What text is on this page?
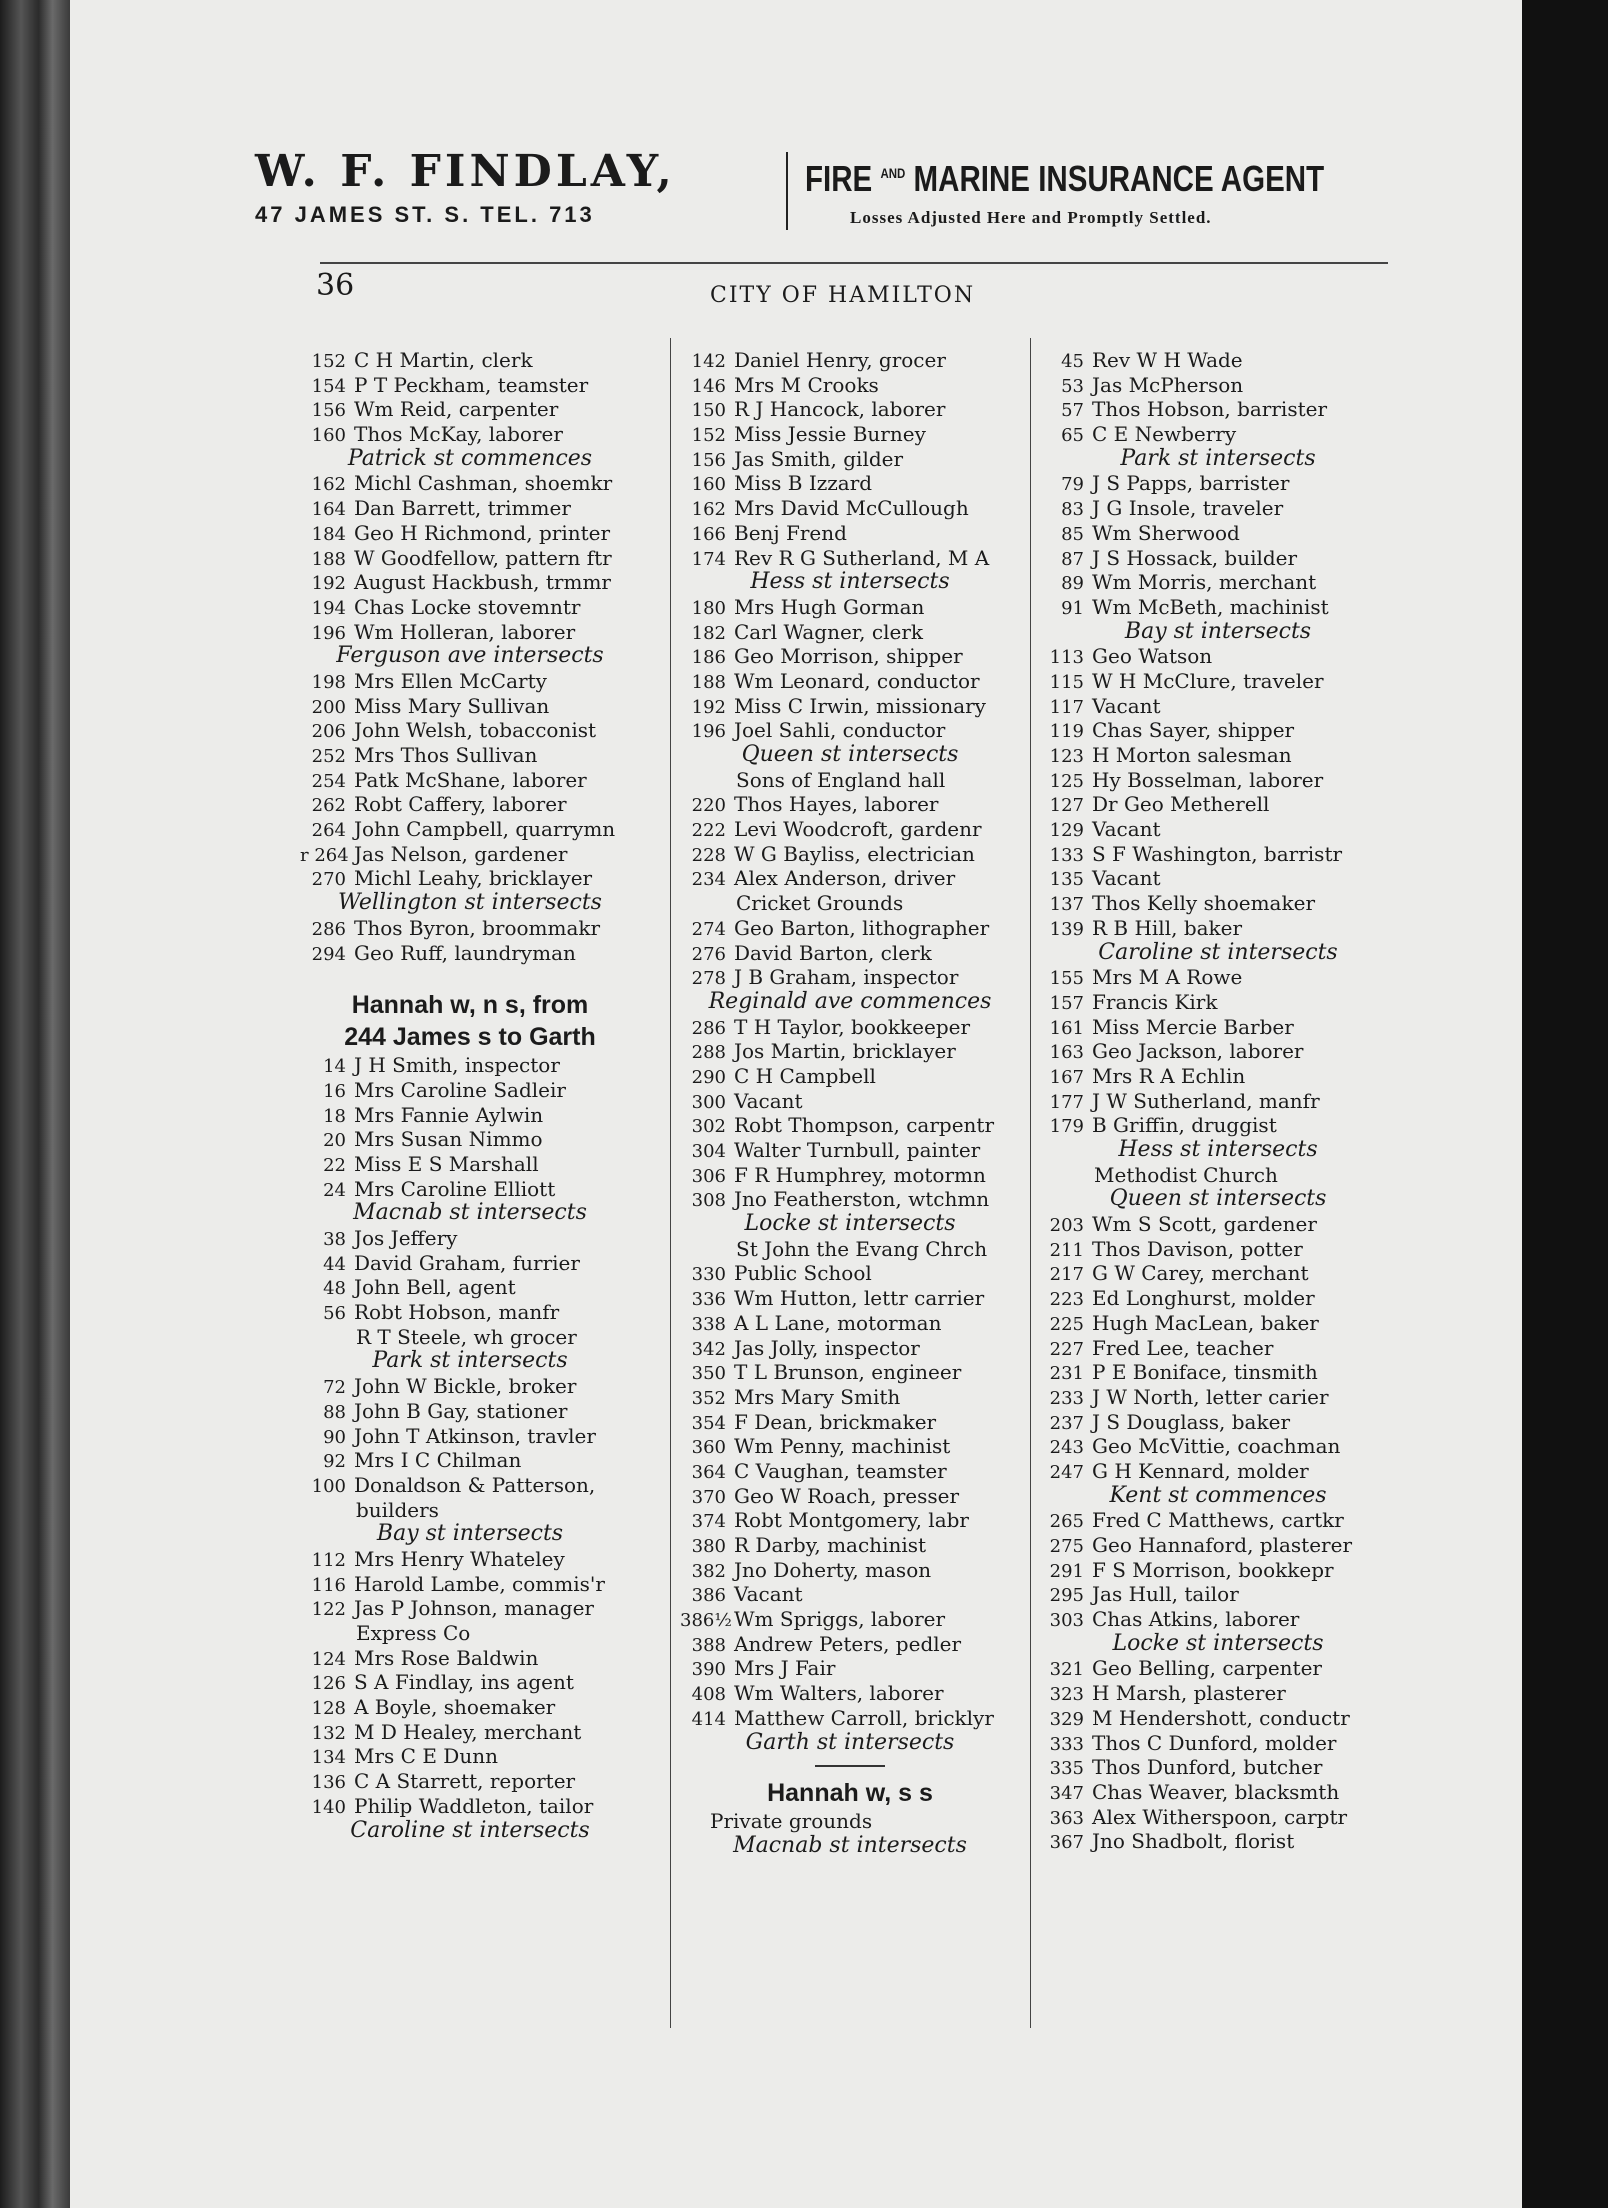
W. F. FINDLAY,
47 JAMES ST. S. TEL. 713
FIRE $^{AND}$ MARINE INSURANCE AGENT
Losses Adjusted Here and Promptly Settled.
36	CITY OF HAMILTON
152 C H Martin, clerk
154 P T Peckham, teamster
156 Wm Reid, carpenter
160 Thos McKay, laborer
Patrick st commences
162 Michl Cashman, shoemkr
164 Dan Barrett, trimmer
184 Geo H Richmond, printer
188 W Goodfellow, pattern ftr
192 August Hackbush, trmmr
194 Chas Locke stovemntr
196 Wm Holleran, laborer
Ferguson ave intersects
198 Mrs Ellen McCarty
200 Miss Mary Sullivan
206 John Welsh, tobacconist
252 Mrs Thos Sullivan
254 Patk McShane, laborer
262 Robt Caffery, laborer
264 John Campbell, quarrymn
r 264 Jas Nelson, gardener
270 Michl Leahy, bricklayer
Wellington st intersects
286 Thos Byron, broommakr
294 Geo Ruff, laundryman
Hannah w, n s, from
244 James s to Garth
14 J H Smith, inspector
16 Mrs Caroline Sadleir
18 Mrs Fannie Aylwin
20 Mrs Susan Nimmo
22 Miss E S Marshall
24 Mrs Caroline Elliott
Macnab st intersects
38 Jos Jeffery
44 David Graham, furrier
48 John Bell, agent
56 Robt Hobson, manfr
R T Steele, wh grocer
Park st intersects
72 John W Bickle, broker
88 John B Gay, stationer
90 John T Atkinson, travler
92 Mrs I C Chilman
100 Donaldson & Patterson,
builders
Bay st intersects
112 Mrs Henry Whateley
116 Harold Lambe, commis'r
122 Jas P Johnson, manager
Express Co
124 Mrs Rose Baldwin
126 S A Findlay, ins agent
128 A Boyle, shoemaker
132 M D Healey, merchant
134 Mrs C E Dunn
136 C A Starrett, reporter
140 Philip Waddleton, tailor
Caroline st intersects
142 Daniel Henry, grocer
146 Mrs M Crooks
150 R J Hancock, laborer
152 Miss Jessie Burney
156 Jas Smith, gilder
160 Miss B Izzard
162 Mrs David McCullough
166 Benj Frend
174 Rev R G Sutherland, M A
Hess st intersects
180 Mrs Hugh Gorman
182 Carl Wagner, clerk
186 Geo Morrison, shipper
188 Wm Leonard, conductor
192 Miss C Irwin, missionary
196 Joel Sahli, conductor
Queen st intersects
Sons of England hall
220 Thos Hayes, laborer
222 Levi Woodcroft, gardenr
228 W G Bayliss, electrician
234 Alex Anderson, driver
Cricket Grounds
274 Geo Barton, lithographer
276 David Barton, clerk
278 J B Graham, inspector
Reginald ave commences
286 T H Taylor, bookkeeper
288 Jos Martin, bricklayer
290 C H Campbell
300 Vacant
302 Robt Thompson, carpentr
304 Walter Turnbull, painter
306 F R Humphrey, motormn
308 Jno Featherston, wtchmn
Locke st intersects
St John the Evang Chrch
330 Public School
336 Wm Hutton, lettr carrier
338 A L Lane, motorman
342 Jas Jolly, inspector
350 T L Brunson, engineer
352 Mrs Mary Smith
354 F Dean, brickmaker
360 Wm Penny, machinist
364 C Vaughan, teamster
370 Geo W Roach, presser
374 Robt Montgomery, labr
380 R Darby, machinist
382 Jno Doherty, mason
386 Vacant
386½ Wm Spriggs, laborer
388 Andrew Peters, pedler
390 Mrs J Fair
408 Wm Walters, laborer
414 Matthew Carroll, bricklyr
Garth st intersects
Hannah w, s s
Private grounds
Macnab st intersects
45 Rev W H Wade
53 Jas McPherson
57 Thos Hobson, barrister
65 C E Newberry
Park st intersects
79 J S Papps, barrister
83 J G Insole, traveler
85 Wm Sherwood
87 J S Hossack, builder
89 Wm Morris, merchant
91 Wm McBeth, machinist
Bay st intersects
113 Geo Watson
115 W H McClure, traveler
117 Vacant
119 Chas Sayer, shipper
123 H Morton salesman
125 Hy Bosselman, laborer
127 Dr Geo Metherell
129 Vacant
133 S F Washington, barristr
135 Vacant
137 Thos Kelly shoemaker
139 R B Hill, baker
Caroline st intersects
155 Mrs M A Rowe
157 Francis Kirk
161 Miss Mercie Barber
163 Geo Jackson, laborer
167 Mrs R A Echlin
177 J W Sutherland, manfr
179 B Griffin, druggist
Hess st intersects
Methodist Church
Queen st intersects
203 Wm S Scott, gardener
211 Thos Davison, potter
217 G W Carey, merchant
223 Ed Longhurst, molder
225 Hugh MacLean, baker
227 Fred Lee, teacher
231 P E Boniface, tinsmith
233 J W North, letter carier
237 J S Douglass, baker
243 Geo McVittie, coachman
247 G H Kennard, molder
Kent st commences
265 Fred C Matthews, cartkr
275 Geo Hannaford, plasterer
291 F S Morrison, bookkepr
295 Jas Hull, tailor
303 Chas Atkins, laborer
Locke st intersects
321 Geo Belling, carpenter
323 H Marsh, plasterer
329 M Hendershott, conductr
333 Thos C Dunford, molder
335 Thos Dunford, butcher
347 Chas Weaver, blacksmth
363 Alex Witherspoon, carptr
367 Jno Shadbolt, florist
